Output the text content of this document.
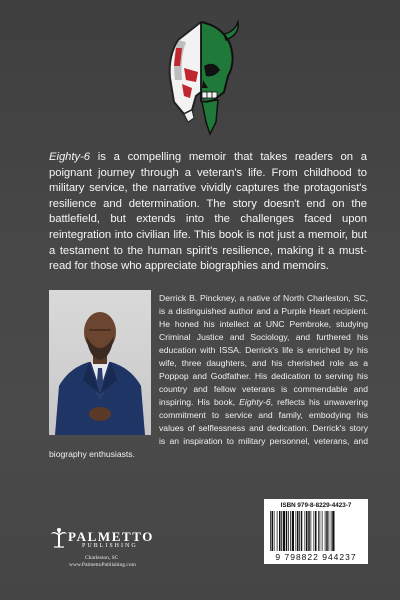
Eighty-6 is a compelling memoir that takes readers on a poignant journey through a veteran's life. From childhood to military service, the narrative vividly captures the protagonist's resilience and determination. The story doesn't end on the battlefield, but extends into the challenges faced upon reintegration into civilian life. This book is not just a memoir, but a testament to the human spirit's resilience, making it a must-read for those who appreciate biographies and memoirs.

Derrick B. Pinckney, a native of North Charleston, SC, is a distinguished author and a Purple Heart recipient. He honed his intellect at UNC Pembroke, studying Criminal Justice and Sociology, and furthered his education with ISSA. Derrick's life is enriched by his wife, three daughters, and his cherished role as a Poppop and Godfather. His dedication to serving his country and fellow veterans is commendable and inspiring. His book, Eighty-6, reflects his unwavering commitment to service and family, embodying his values of selflessness and dedication. Derrick's story is an inspiration to military personnel, veterans, and biography enthusiasts.

PALMETTO
PUBLISHING
Charleston, SC
www.PalmettoPublishing.com
ISBN 979-8-8229-4423-7
9 798822 944237
